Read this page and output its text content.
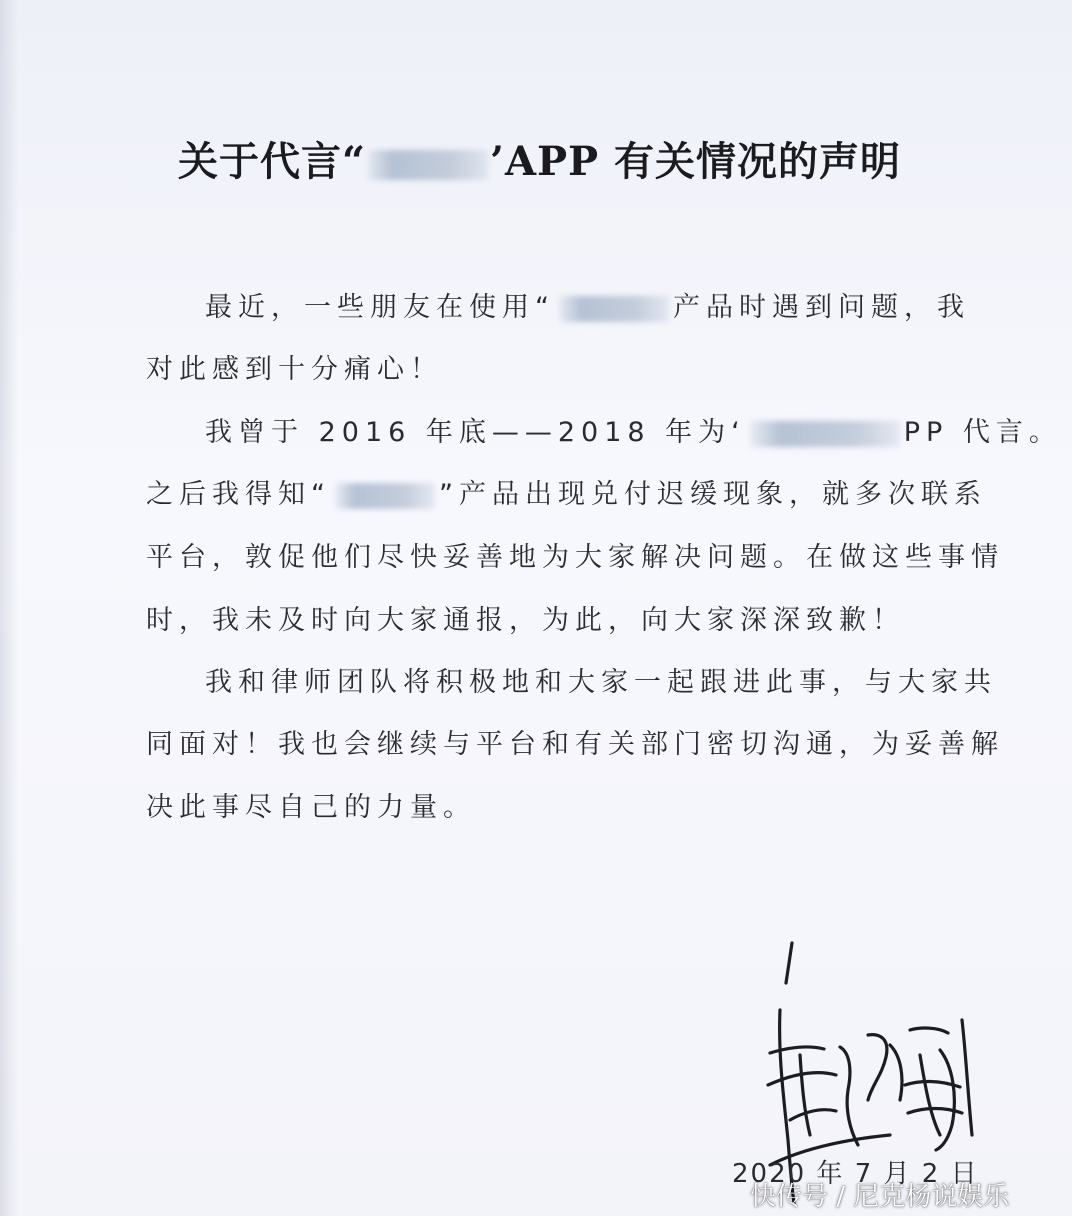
关于代言“	’APP 有关情况的声明
最近，一些朋友在使用“	产品时遇到问题，我
对此感到十分痛心！
我曾于 2016 年底——2018 年为‘	PP 代言。
之后我得知“	”产品出现兑付迟缓现象，就多次联系
平台，敦促他们尽快妥善地为大家解决问题。在做这些事情
时，我未及时向大家通报，为此，向大家深深致歉！
我和律师团队将积极地和大家一起跟进此事，与大家共
同面对！我也会继续与平台和有关部门密切沟通，为妥善解
决此事尽自己的力量。
2020 年 7 月 2 日
快传号 / 尼克杨说娱乐
